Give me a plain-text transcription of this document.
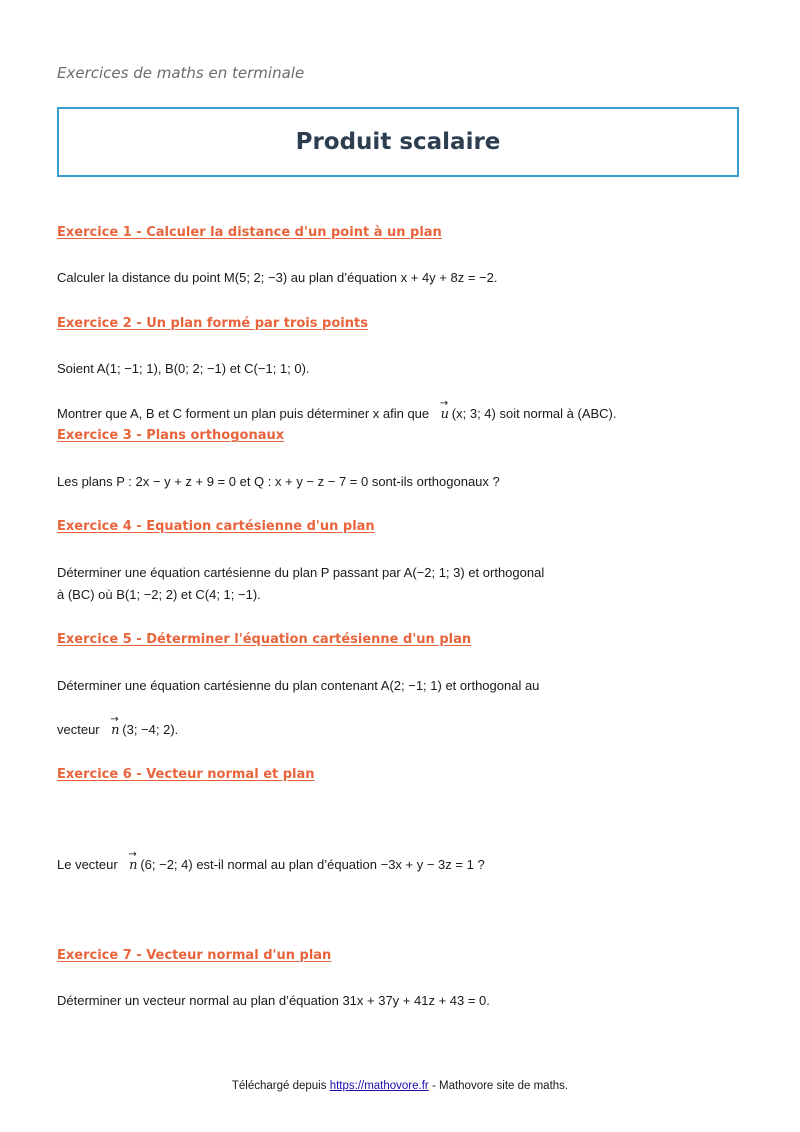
Exercices de maths en terminale
Produit scalaire
Exercice 1 - Calculer la distance d'un point à un plan
Calculer la distance du point M(5; 2; −3) au plan d’équation x + 4y + 8z = −2.
Exercice 2 - Un plan formé par trois points
Soient A(1; −1; 1), B(0; 2; −1) et C(−1; 1; 0).
Montrer que A, B et C forment un plan puis déterminer x afin que
→
u (x; 3; 4) soit normal à (ABC).
Exercice 3 - Plans orthogonaux
Les plans P : 2x − y + z + 9 = 0 et Q : x + y − z − 7 = 0 sont-ils orthogonaux ?
Exercice 4 - Equation cartésienne d'un plan
Déterminer une équation cartésienne du plan P passant par A(−2; 1; 3) et orthogonal
à (BC) où B(1; −2; 2) et C(4; 1; −1).
Exercice 5 - Déterminer l'équation cartésienne d'un plan
Déterminer une équation cartésienne du plan contenant A(2; −1; 1) et orthogonal au
vecteur
→
n (3; −4; 2).
Exercice 6 - Vecteur normal et plan
Le vecteur
→
n (6; −2; 4) est-il normal au plan d’équation −3x + y − 3z = 1 ?
Exercice 7 - Vecteur normal d'un plan
Déterminer un vecteur normal au plan d’équation 31x + 37y + 41z + 43 = 0.
Téléchargé depuis https://mathovore.fr - Mathovore site de maths.
